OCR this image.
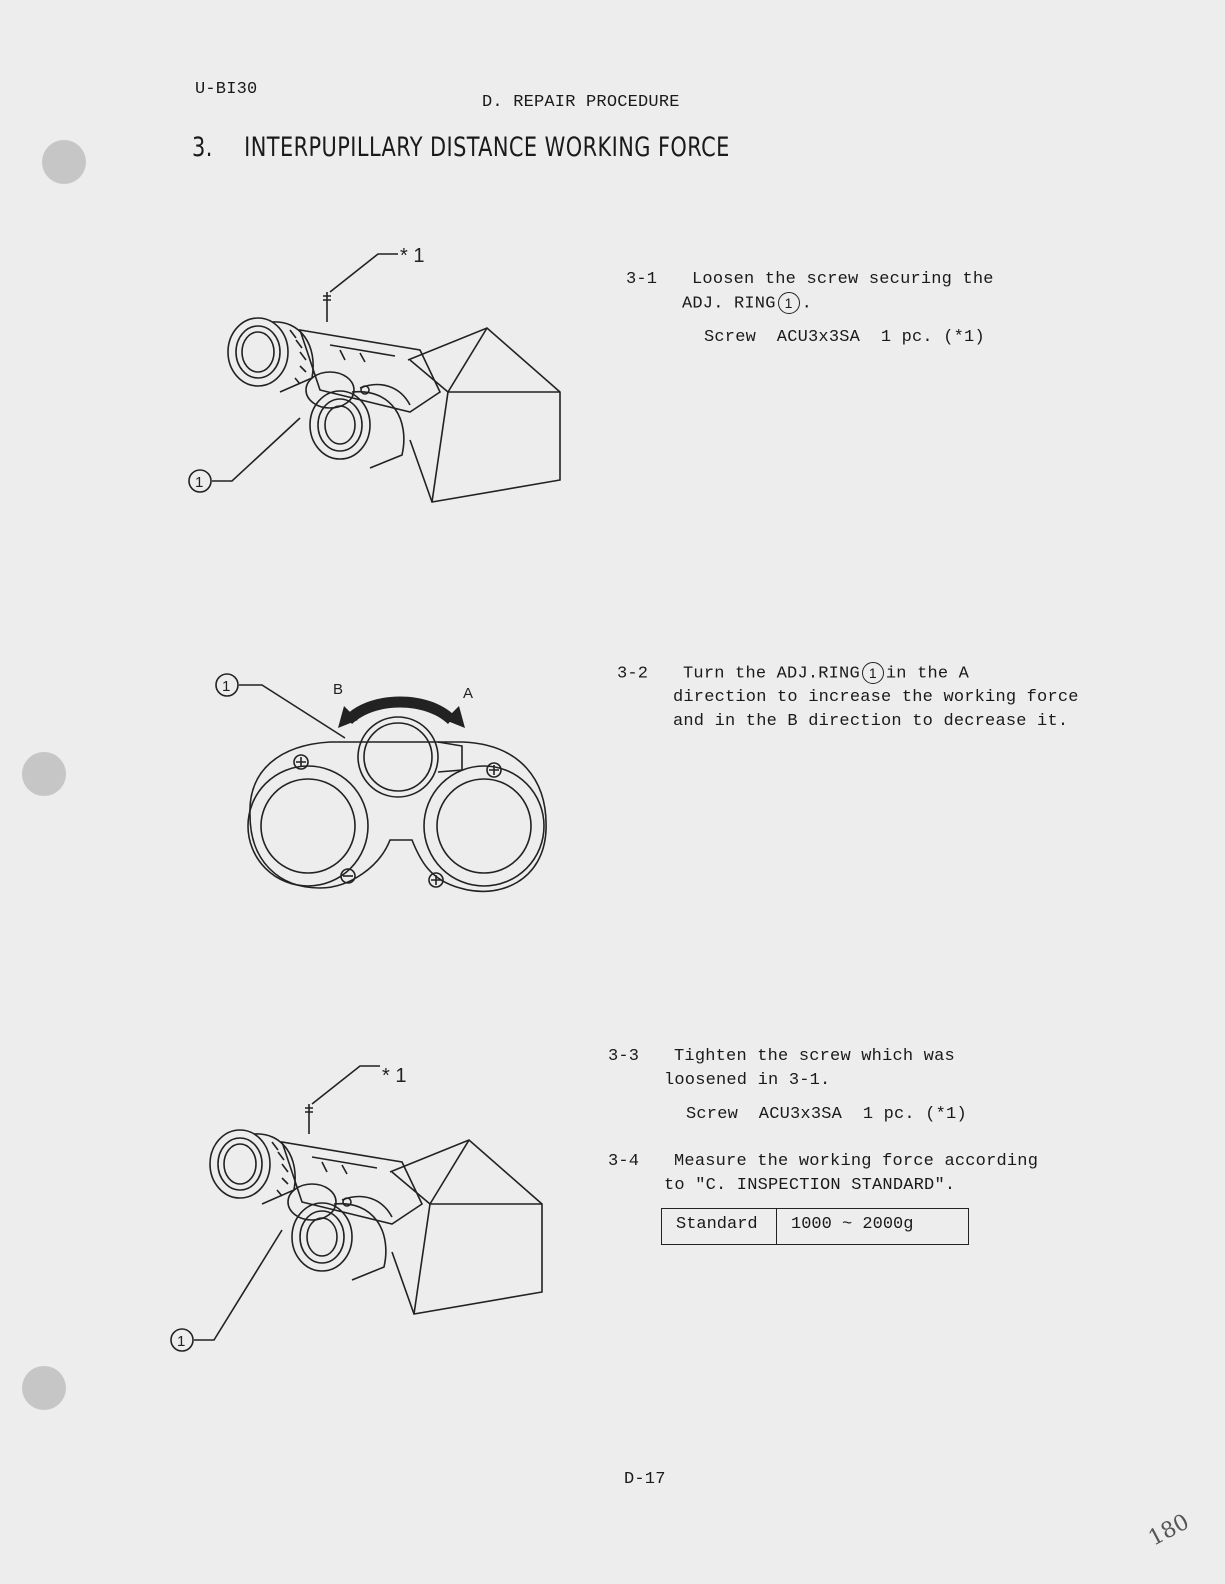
U-BI30
D. REPAIR PROCEDURE
3. INTERPUPILLARY DISTANCE WORKING FORCE
* 1
1
1	B	A
* 1
1
3-1 Loosen the screw securing the
ADJ. RING 1 .
Screw  ACU3x3SA  1 pc. (*1)
3-2 Turn the ADJ.RING 1 in the A
direction to increase the working force
and in the B direction to decrease it.
3-3 Tighten the screw which was
loosened in 3-1.
Screw  ACU3x3SA  1 pc. (*1)
3-4 Measure the working force according
to "C. INSPECTION STANDARD".
Standard	1000 ~ 2000g
D-17
180
